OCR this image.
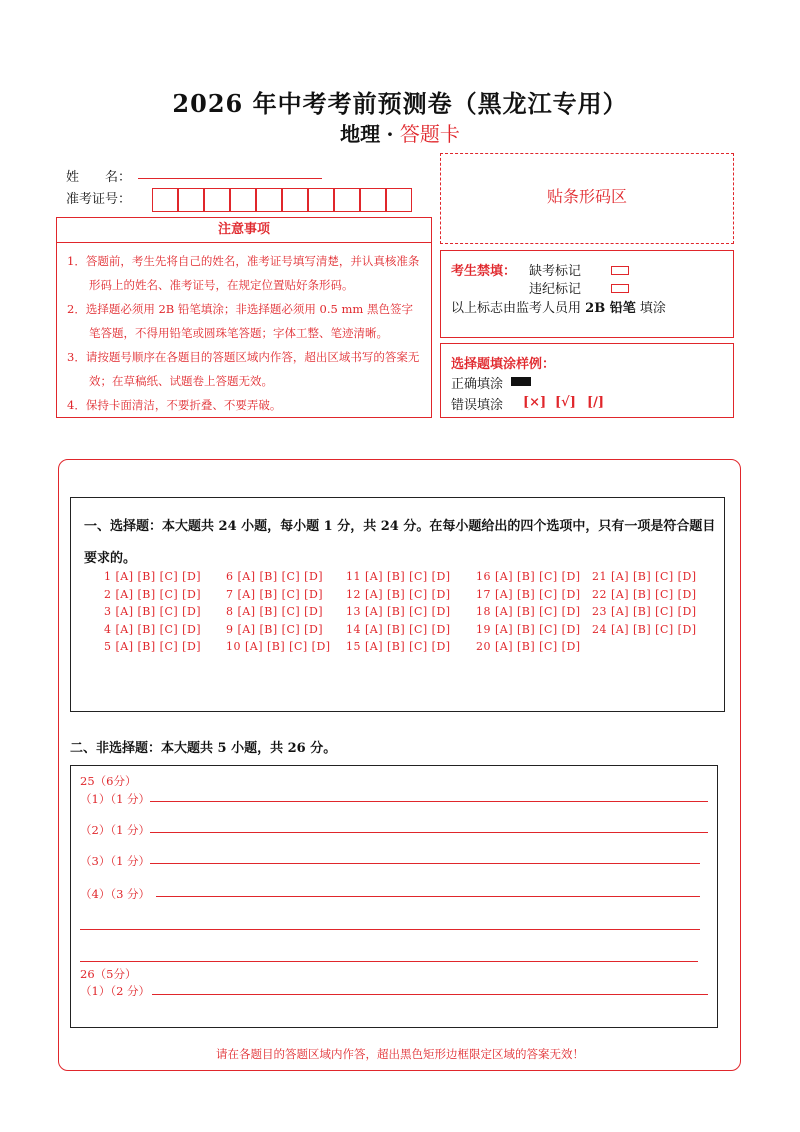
2026 年中考考前预测卷（黑龙江专用）
地理 · 答题卡
姓　　名：
准考证号：
注意事项
1．答题前，考生先将自己的姓名，准考证号填写清楚，并认真核准条形码上的姓名、准考证号，在规定位置贴好条形码。
2．选择题必须用 2B 铅笔填涂；非选择题必须用 0.5 mm 黑色签字笔答题，不得用铅笔或圆珠笔答题；字体工整、笔迹清晰。
3．请按题号顺序在各题目的答题区域内作答，超出区域书写的答案无效；在草稿纸、试题卷上答题无效。
4．保持卡面清洁，不要折叠、不要弄破。
贴条形码区
考生禁填： 缺考标记
违纪标记
以上标志由监考人员用 2B 铅笔 填涂
选择题填涂样例：
正确填涂
错误填涂 [×] [√] [/]
一、选择题：本大题共 24 小题，每小题 1 分，共 24 分。在每小题给出的四个选项中，只有一项是符合题目要求的。
1 [A] [B] [C] [D]
2 [A] [B] [C] [D]
3 [A] [B] [C] [D]
4 [A] [B] [C] [D]
5 [A] [B] [C] [D]
6 [A] [B] [C] [D]
7 [A] [B] [C] [D]
8 [A] [B] [C] [D]
9 [A] [B] [C] [D]
10 [A] [B] [C] [D]
11 [A] [B] [C] [D]
12 [A] [B] [C] [D]
13 [A] [B] [C] [D]
14 [A] [B] [C] [D]
15 [A] [B] [C] [D]
16 [A] [B] [C] [D]
17 [A] [B] [C] [D]
18 [A] [B] [C] [D]
19 [A] [B] [C] [D]
20 [A] [B] [C] [D]
21 [A] [B] [C] [D]
22 [A] [B] [C] [D]
23 [A] [B] [C] [D]
24 [A] [B] [C] [D]
二、非选择题：本大题共 5 小题，共 26 分。
25（6分）
（1）（1 分）
（2）（1 分）
（3）（1 分）
（4）（3 分）
26（5分）
（1）（2 分）
请在各题目的答题区域内作答，超出黑色矩形边框限定区域的答案无效！
